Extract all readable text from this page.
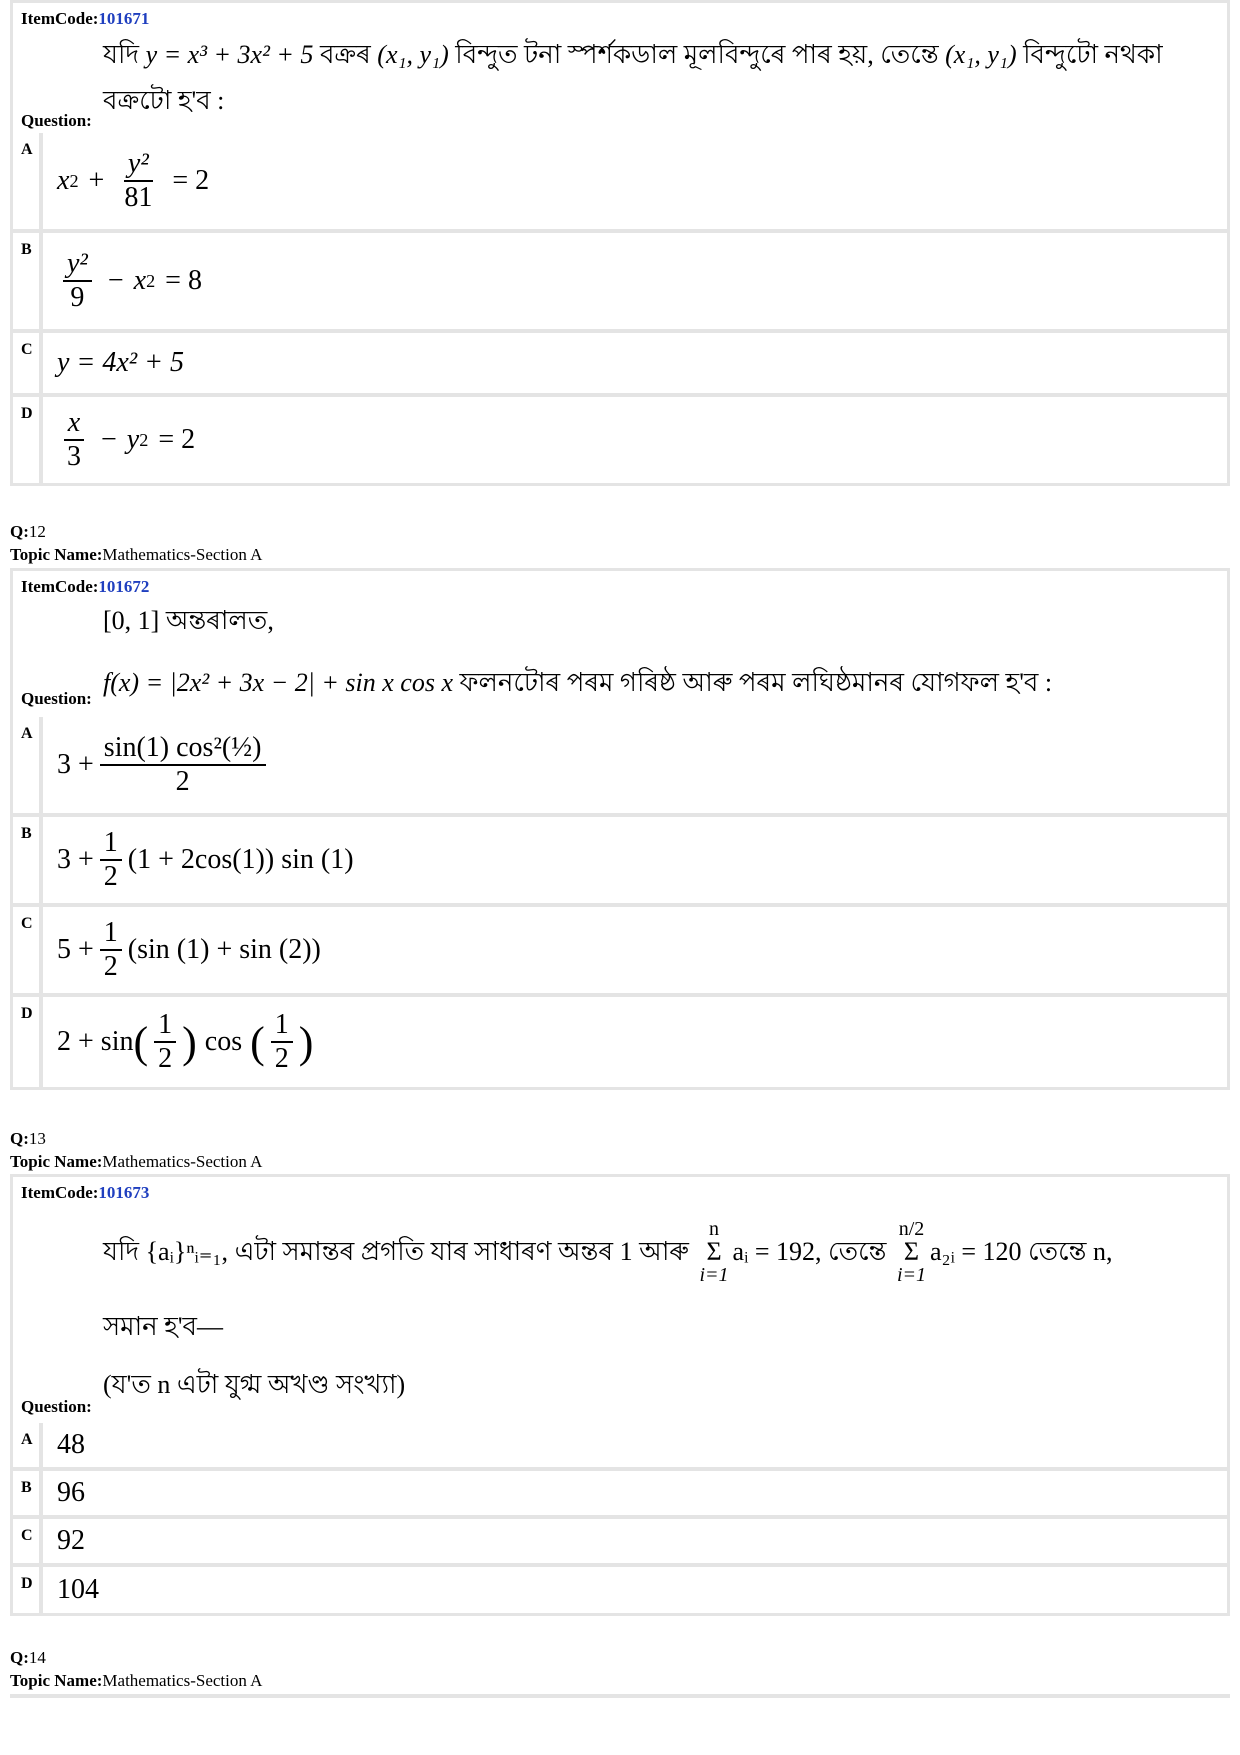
ItemCode:101671
যদি y = x³ + 3x² + 5 বক্ৰৰ (x₁, y₁) বিন্দুত টনা স্পৰ্শকডাল মূলবিন্দুৰে পাৰ হয়, তেন্তে (x₁, y₁) বিন্দুটো নথকা
বক্ৰটো হ'ব :
Question:
A
x $2 + \frac{\text{y²}}{81} = 2$
B
$\frac{\text{y²}}{9} - x$ 2 = 8
C y = 4x² + 5
D	$\frac{x}{3} - y$ 2 = 2
Q:12
Topic Name:Mathematics-Section A
ItemCode:101672
[0, 1] অন্তৰালত,
f(x) = |2x² + 3x − 2| + sin x cos x ফলনটোৰ পৰম গৰিষ্ঠ আৰু পৰম লঘিষ্ঠমানৰ যোগফল হ'ব :
Question:
A
$3 + \frac{\text{sin(1) cos²(½)}}{2}$
B
$3 + \frac{1}{2} (1 + 2\cos(1))$ sin (1)
C
$5 + \frac{1}{2} (\sin$ (1) + sin (2))
D
2 + sin ( $\frac{1}{2}$ ) cos ( $\frac{1}{2}$ )
Q:13
Topic Name:Mathematics-Section A
ItemCode:101673
যদি
{aᵢ}ⁿᵢ₌₁,
এটা সমান্তৰ প্ৰগতি যাৰ সাধাৰণ অন্তৰ 1 আৰু

n
Σ
i=1
aᵢ
= 192,
তেন্তে

n/2
Σ
i=1
a₂ᵢ
= 120
তেন্তে n,
সমান হ'ব—
(য'ত n এটা যুগ্ম অখণ্ড সংখ্যা)
Question:
A 48
B 96
C 92
D 104
Q:14
Topic Name:Mathematics-Section A
